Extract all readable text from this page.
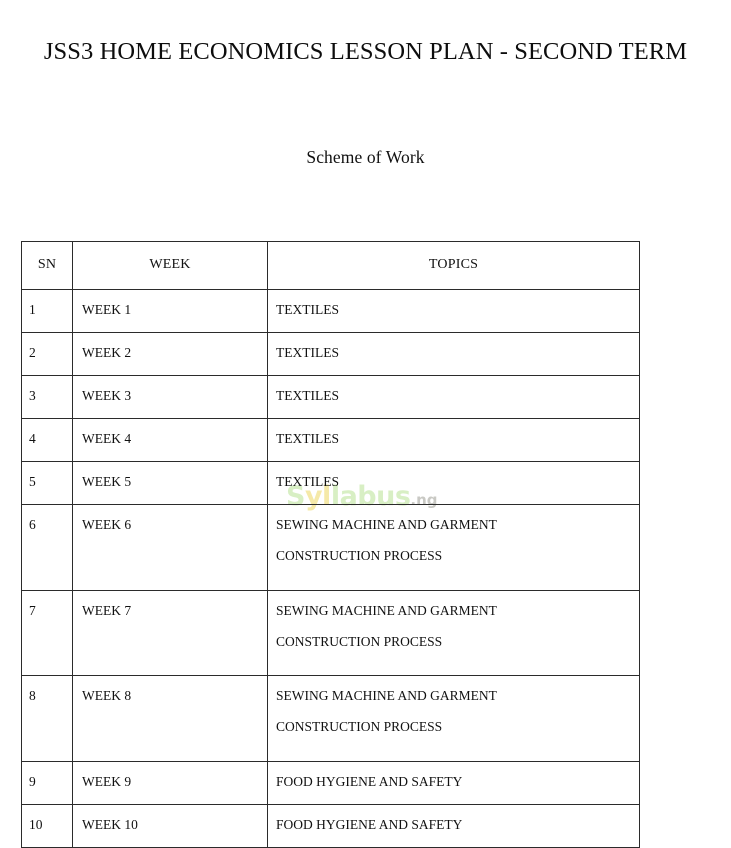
JSS3 HOME ECONOMICS LESSON PLAN - SECOND TERM
Scheme of Work
Syllabus.ng
SN	WEEK	TOPICS
1	WEEK 1	TEXTILES

2	WEEK 2	TEXTILES

3	WEEK 3	TEXTILES

4	WEEK 4	TEXTILES

5	WEEK 5	TEXTILES

6	WEEK 6	SEWING MACHINE AND GARMENT
CONSTRUCTION PROCESS

7	WEEK 7	SEWING MACHINE AND GARMENT
CONSTRUCTION PROCESS

8	WEEK 8	SEWING MACHINE AND GARMENT
CONSTRUCTION PROCESS

9	WEEK 9	FOOD HYGIENE AND SAFETY

10	WEEK 10	FOOD HYGIENE AND SAFETY
